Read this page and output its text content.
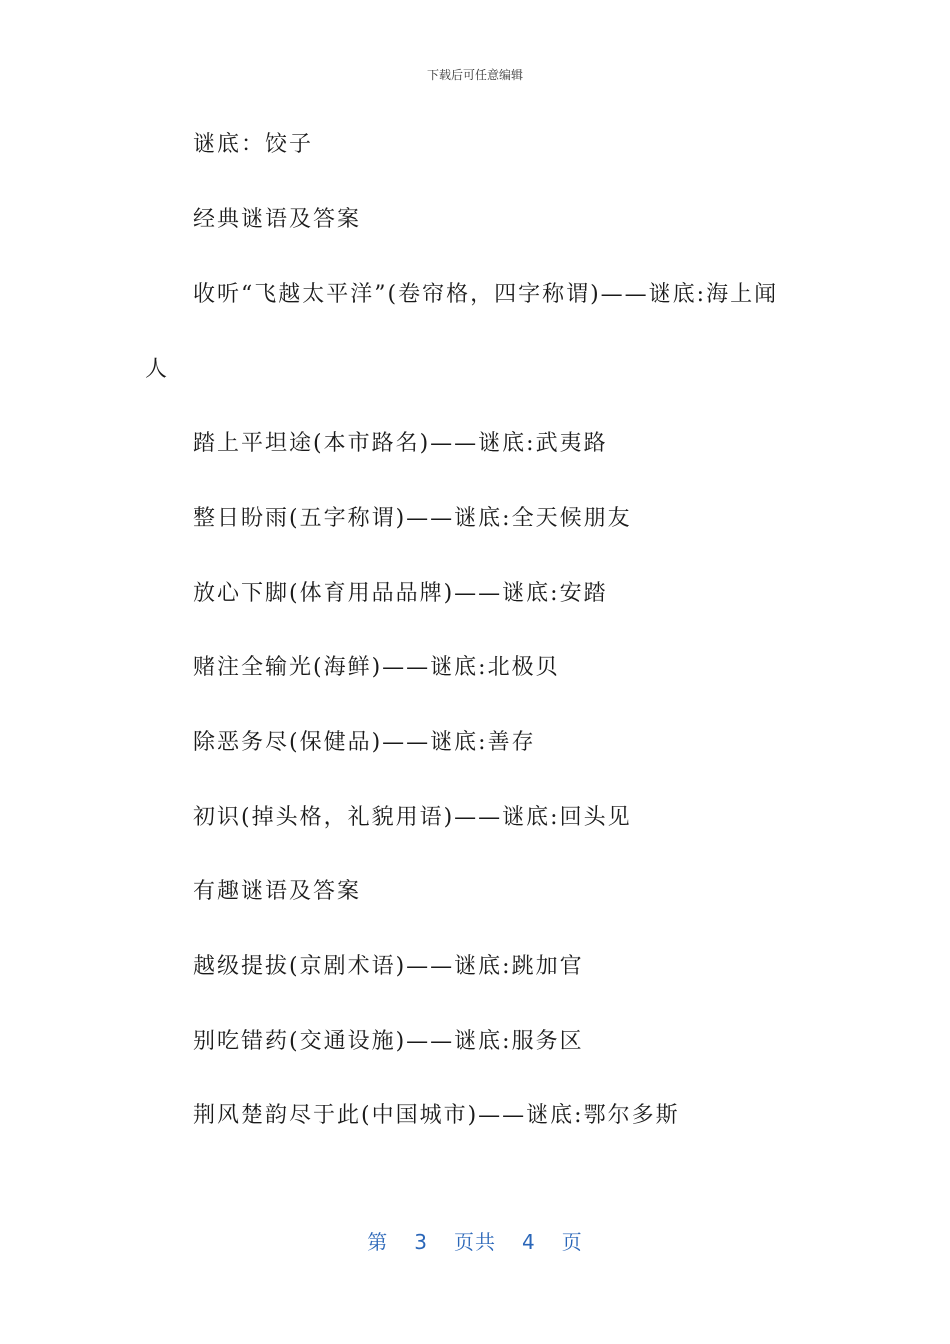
下载后可任意编辑
谜底：饺子
经典谜语及答案
收听“飞越太平洋”(卷帘格，四字称谓)——谜底:海上闻
人
踏上平坦途(本市路名)——谜底:武夷路
整日盼雨(五字称谓)——谜底:全天候朋友
放心下脚(体育用品品牌)——谜底:安踏
赌注全输光(海鲜)——谜底:北极贝
除恶务尽(保健品)——谜底:善存
初识(掉头格，礼貌用语)——谜底:回头见
有趣谜语及答案
越级提拔(京剧术语)——谜底:跳加官
别吃错药(交通设施)——谜底:服务区
荆风楚韵尽于此(中国城市)——谜底:鄂尔多斯
第 3 页共 4 页
